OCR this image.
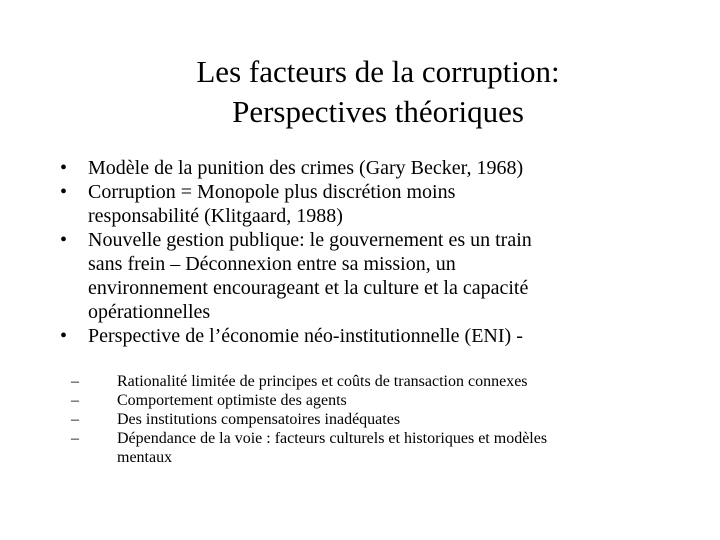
Les facteurs de la corruption:
Perspectives théoriques
•	Modèle de la punition des crimes (Gary Becker, 1968)
•	Corruption = Monopole plus discrétion moins
responsabilité (Klitgaard, 1988)
•	Nouvelle gestion publique: le gouvernement es un train
sans frein – Déconnexion entre sa mission, un
environnement encourageant et la culture et la capacité
opérationnelles
•	Perspective de l’économie néo-institutionnelle (ENI) -
–	Rationalité limitée de principes et coûts de transaction connexes
–	Comportement optimiste des agents
–	Des institutions compensatoires inadéquates
–	Dépendance de la voie : facteurs culturels et historiques et modèles
mentaux
